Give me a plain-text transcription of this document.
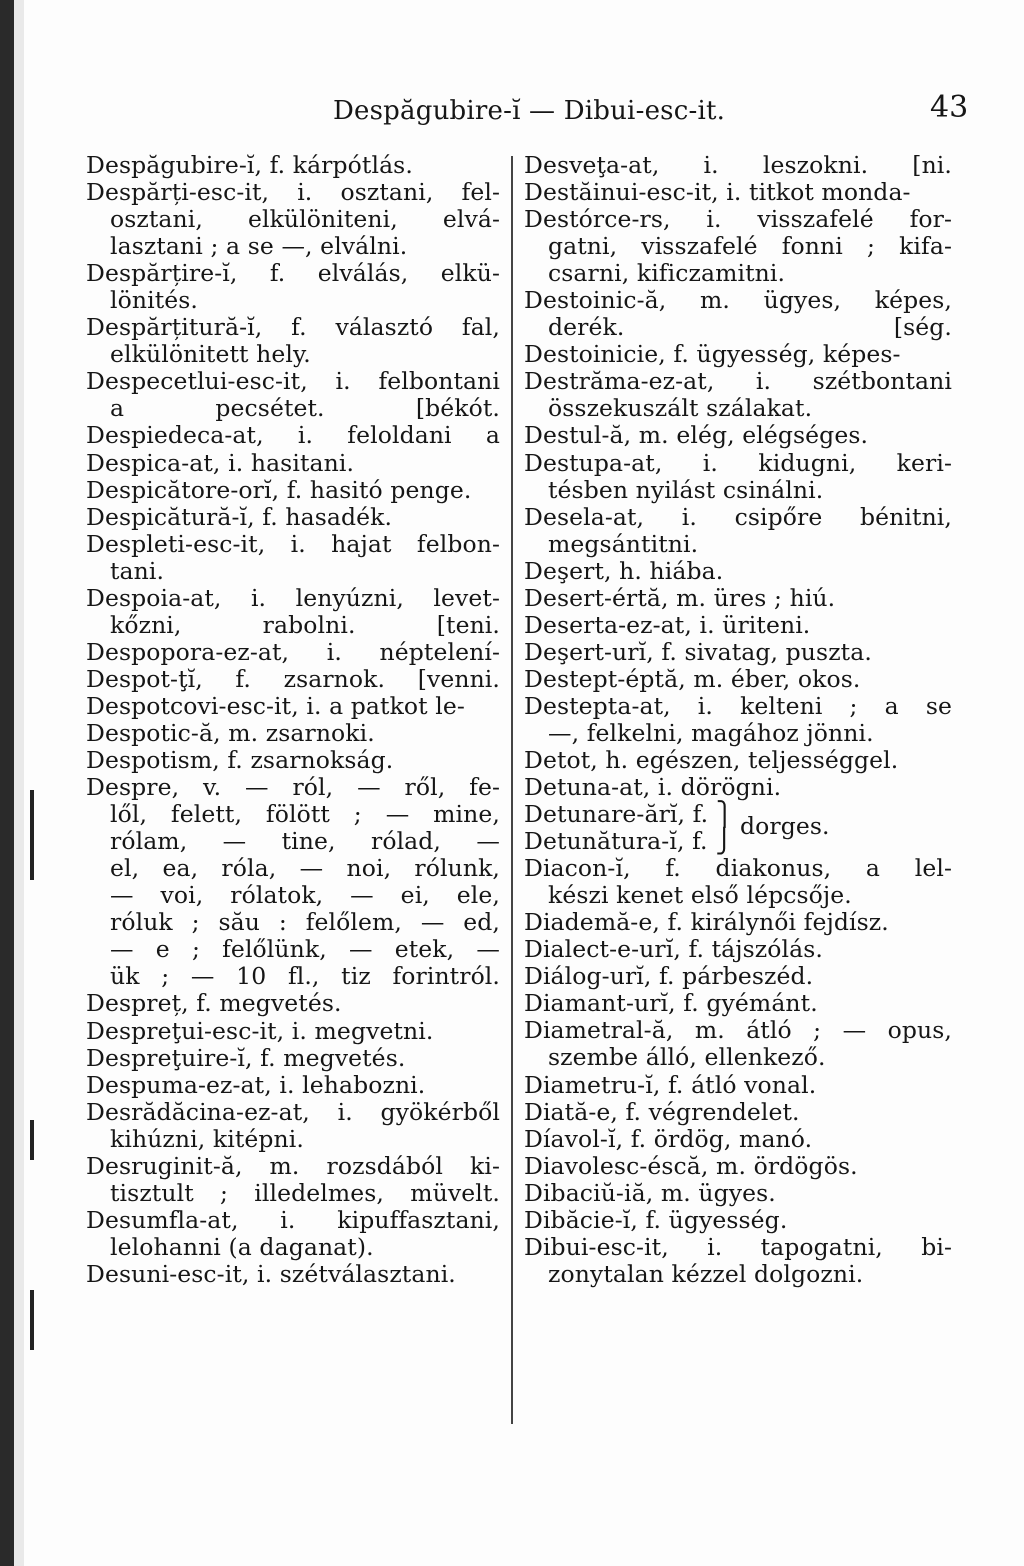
Despăgubire-ĭ — Dibui-esc-it.	43
Despăgubire-ĭ, f. kárpótlás.
Despărți-esc-it, i. osztani, fel-
osztani, elkülöniteni, elvá-
lasztani ; a se —, elválni.
Despărțire-ĭ, f. elválás, elkü-
lönités.
Despărțitură-ĭ, f. választó fal,
elkülönitett hely.
Despecetlui-esc-it, i. felbontani
a pecsétet. [békót.
Despiedeca-at, i. feloldani a
Despica-at, i. hasitani.
Despicătore-orĭ, f. hasitó penge.
Despicătură-ĭ, f. hasadék.
Despleti-esc-it, i. hajat felbon-
tani.
Despoia-at, i. lenyúzni, levet-
kőzni, rabolni. [teni.
Despopora-ez-at, i. néptelení-
Despot-ţĭ, f. zsarnok. [venni.
Despotcovi-esc-it, i. a patkot le-
Despotic-ă, m. zsarnoki.
Despotism, f. zsarnokság.
Despre, v. — ról, — ről, fe-
lől, felett, fölött ; — mine,
rólam, — tine, rólad, —
el, ea, róla, — noi, rólunk,
— voi, rólatok, — ei, ele,
róluk ; său : felőlem, — ed,
— e ; felőlünk, — etek, —
ük ; — 10 fl., tiz forintról.
Despreț, f. megvetés.
Despreţui-esc-it, i. megvetni.
Despreţuire-ĭ, f. megvetés.
Despuma-ez-at, i. lehabozni.
Desrădăcina-ez-at, i. gyökérből
kihúzni, kitépni.
Desruginit-ă, m. rozsdából ki-
tisztult ; illedelmes, müvelt.
Desumfla-at, i. kipuffasztani,
lelohanni (a daganat).
Desuni-esc-it, i. szétválasztani.
Desveţa-at, i. leszokni. [ni.
Destăinui-esc-it, i. titkot monda-
Destórce-rs, i. visszafelé for-
gatni, visszafelé fonni ; kifa-
csarni, kificzamitni.
Destoinic-ă, m. ügyes, képes,
derék. [ség.
Destoinicie, f. ügyesség, képes-
Destrăma-ez-at, i. szétbontani
összekuszált szálakat.
Destul-ă, m. elég, elégséges.
Destupa-at, i. kidugni, keri-
tésben nyilást csinálni.
Desela-at, i. csipőre bénitni,
megsántitni.
Deşert, h. hiába.
Desert-értă, m. üres ; hiú.
Deserta-ez-at, i. üriteni.
Deşert-urĭ, f. sivatag, puszta.
Destept-éptă, m. éber, okos.
Destepta-at, i. kelteni ; a se
—, felkelni, magához jönni.
Detot, h. egészen, teljességgel.
Detuna-at, i. dörögni.
Detunare-ărĭ, f. ⎫
Detunătura-ĭ, f. ⎭
dorges.
Diacon-ĭ, f. diakonus, a lel-
készi kenet első lépcsője.
Diademă-e, f. királynői fejdísz.
Dialect-e-urĭ, f. tájszólás.
Diálog-urĭ, f. párbeszéd.
Diamant-urĭ, f. gyémánt.
Diametral-ă, m. átló ; — opus,
szembe álló, ellenkező.
Diametru-ĭ, f. átló vonal.
Diată-e, f. végrendelet.
Díavol-ĭ, f. ördög, manó.
Diavolesc-éscă, m. ördögös.
Dibaciŭ-iă, m. ügyes.
Dibăcie-ĭ, f. ügyesség.
Dibui-esc-it, i. tapogatni, bi-
zonytalan kézzel dolgozni.
